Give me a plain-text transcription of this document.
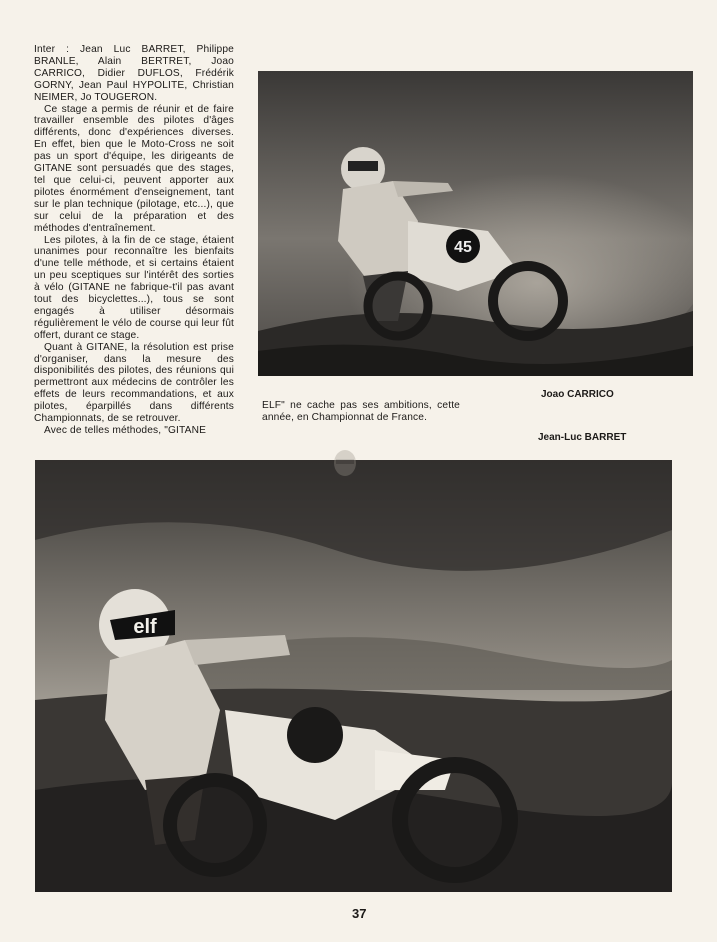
Inter : Jean Luc BARRET, Philippe BRANLE, Alain BERTRET, Joao CARRICO, Didier DUFLOS, Frédérik GORNY, Jean Paul HYPOLITE, Christian NEIMER, Jo TOUGERON.

Ce stage a permis de réunir et de faire travailler ensemble des pilotes d'âges différents, donc d'expériences diverses. En effet, bien que le Moto-Cross ne soit pas un sport d'équipe, les dirigeants de GITANE sont persuadés que des stages, tel que celui-ci, peuvent apporter aux pilotes énormément d'enseignement, tant sur le plan technique (pilotage, etc...), que sur celui de la préparation et des méthodes d'entraînement.

Les pilotes, à la fin de ce stage, étaient unanimes pour reconnaître les bienfaits d'une telle méthode, et si certains étaient un peu sceptiques sur l'intérêt des sorties à vélo (GITANE ne fabrique-t'il pas avant tout des bicyclettes...), tous se sont engagés à utiliser désormais régulièrement le vélo de course qui leur fût offert, durant ce stage.

Quant à GITANE, la résolution est prise d'organiser, dans la mesure des disponibilités des pilotes, des réunions qui permettront aux médecins de contrôler les effets de leurs recommandations, et aux pilotes, éparpillés dans différents Championnats, de se retrouver.

Avec de telles méthodes, "GITANE

45
ELF" ne cache pas ses ambitions, cette année, en Championnat de France.
Joao CARRICO
Jean-Luc BARRET
elf
37
